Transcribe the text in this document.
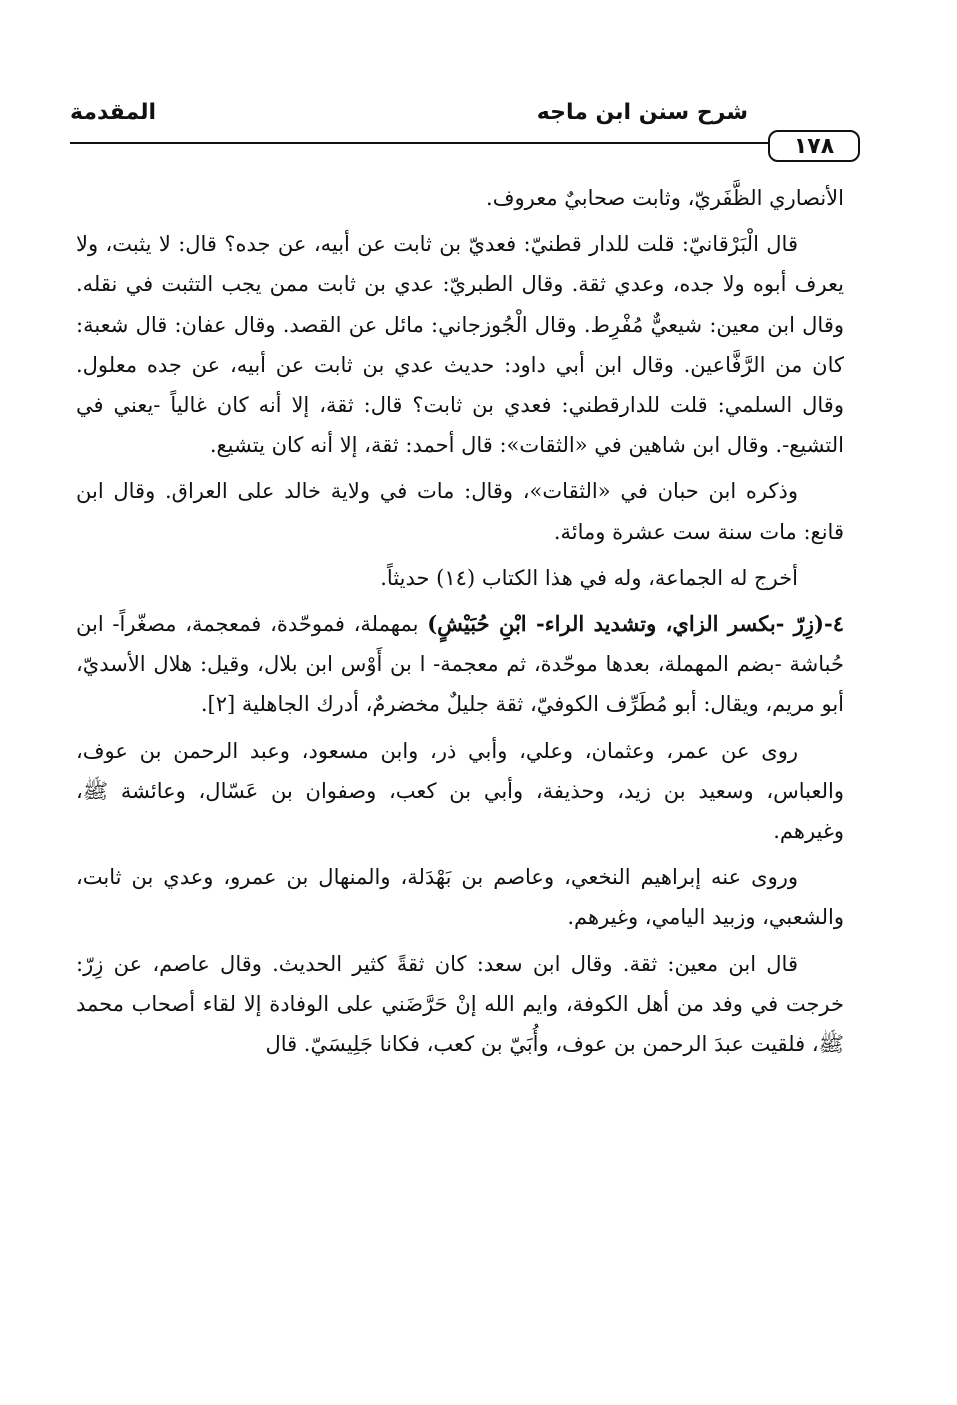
١٧٨
شرح سنن ابن ماجه
المقدمة

الأنصاري الظَّفَريّ، وثابت صحابيٌ معروف.

قال الْبَرْقانيّ: قلت للدار قطنيّ: فعديّ بن ثابت عن أبيه، عن جده؟ قال: لا يثبت، ولا يعرف أبوه ولا جده، وعدي ثقة. وقال الطبريّ: عدي بن ثابت ممن يجب التثبت في نقله. وقال ابن معين: شيعيٌّ مُفْرِط. وقال الْجُوزجاني: مائل عن القصد. وقال عفان: قال شعبة: كان من الرَّفَّاعين. وقال ابن أبي داود: حديث عدي بن ثابت عن أبيه، عن جده معلول. وقال السلمي: قلت للدارقطني: فعدي بن ثابت؟ قال: ثقة، إلا أنه كان غالياً -يعني في التشيع-. وقال ابن شاهين في «الثقات»: قال أحمد: ثقة، إلا أنه كان يتشيع.

وذكره ابن حبان في «الثقات»، وقال: مات في ولاية خالد على العراق. وقال ابن قانع: مات سنة ست عشرة ومائة.

أخرج له الجماعة، وله في هذا الكتاب (١٤) حديثاً.

٤-(زِرّ -بكسر الزاي، وتشديد الراء- ابْنِ حُبَيْشٍ) بمهملة، فموحّدة، فمعجمة، مصغّراً- ابن حُباشة -بضم المهملة، بعدها موحّدة، ثم معجمة- ا بن أَوْس ابن بلال، وقيل: هلال الأسديّ، أبو مريم، ويقال: أبو مُطَرِّف الكوفيّ، ثقة جليلٌ مخضرمٌ، أدرك الجاهلية [٢].

روى عن عمر، وعثمان، وعلي، وأبي ذر، وابن مسعود، وعبد الرحمن بن عوف، والعباس، وسعيد بن زيد، وحذيفة، وأبي بن كعب، وصفوان بن عَسّال، وعائشة ﷺ، وغيرهم.

وروى عنه إبراهيم النخعي، وعاصم بن بَهْدَلة، والمنهال بن عمرو، وعدي بن ثابت، والشعبي، وزبيد اليامي، وغيرهم.

قال ابن معين: ثقة. وقال ابن سعد: كان ثقةً كثير الحديث. وقال عاصم، عن زِرّ: خرجت في وفد من أهل الكوفة، وايم الله إنْ حَرَّضَني على الوفادة إلا لقاء أصحاب محمد ﷺ، فلقيت عبدَ الرحمن بن عوف، وأُبَيّ بن كعب، فكانا جَلِيسَيّ. قال
